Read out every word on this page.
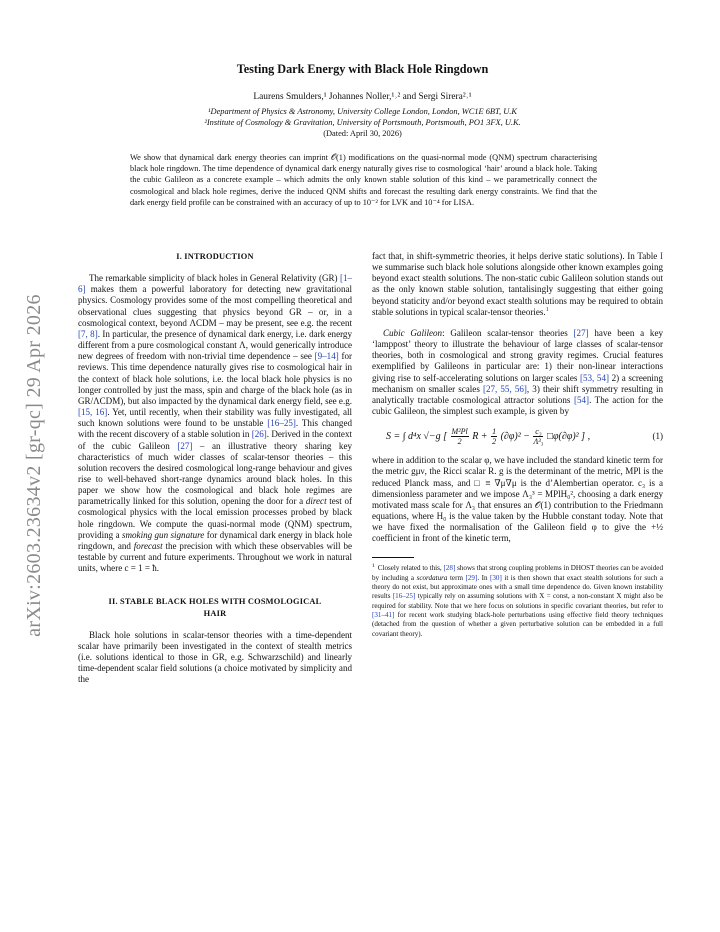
arXiv:2603.23634v2 [gr-qc] 29 Apr 2026
Testing Dark Energy with Black Hole Ringdown
Laurens Smulders,¹ Johannes Noller,¹˒² and Sergi Sirera²˒¹
¹Department of Physics & Astronomy, University College London, London, WC1E 6BT, U.K
²Institute of Cosmology & Gravitation, University of Portsmouth, Portsmouth, PO1 3FX, U.K.
(Dated: April 30, 2026)
We show that dynamical dark energy theories can imprint 𝒪(1) modifications on the quasi-normal mode (QNM) spectrum characterising black hole ringdown. The time dependence of dynamical dark energy naturally gives rise to cosmological ‘hair’ around a black hole. Taking the cubic Galileon as a concrete example – which admits the only known stable solution of this kind – we parametrically connect the cosmological and black hole regimes, derive the induced QNM shifts and forecast the resulting dark energy constraints. We find that the dark energy field profile can be constrained with an accuracy of up to 10⁻² for LVK and 10⁻⁴ for LISA.
I. INTRODUCTION

The remarkable simplicity of black holes in General Relativity (GR) [1–6] makes them a powerful laboratory for detecting new gravitational physics. Cosmology provides some of the most compelling theoretical and observational clues suggesting that physics beyond GR – or, in a cosmological context, beyond ΛCDM – may be present, see e.g. the recent [7, 8]. In particular, the presence of dynamical dark energy, i.e. dark energy different from a pure cosmological constant Λ, would generically introduce new degrees of freedom with non-trivial time dependence – see [9–14] for reviews. This time dependence naturally gives rise to cosmological hair in the context of black hole solutions, i.e. the local black hole physics is no longer controlled by just the mass, spin and charge of the black hole (as in GR/ΛCDM), but also impacted by the dynamical dark energy field, see e.g. [15, 16]. Yet, until recently, when their stability was fully investigated, all such known solutions were found to be unstable [16–25]. This changed with the recent discovery of a stable solution in [26]. Derived in the context of the cubic Galileon [27] – an illustrative theory sharing key characteristics of much wider classes of scalar-tensor theories – this solution recovers the desired cosmological long-range behaviour and gives rise to well-behaved short-range dynamics around black holes. In this paper we show how the cosmological and black hole regimes are parametrically linked for this solution, opening the door for a direct test of cosmological physics with the local emission processes probed by black hole ringdown. We compute the quasi-normal mode (QNM) spectrum, providing a smoking gun signature for dynamical dark energy in black hole ringdown, and forecast the precision with which these observables will be testable by current and future experiments. Throughout we work in natural units, where c = 1 = ħ.

II. STABLE BLACK HOLES WITH COSMOLOGICAL
HAIR

Black hole solutions in scalar-tensor theories with a time-dependent scalar have primarily been investigated in the context of stealth metrics (i.e. solutions identical to those in GR, e.g. Schwarzschild) and linearly time-dependent scalar field solutions (a choice motivated by simplicity and the

fact that, in shift-symmetric theories, it helps derive static solutions). In Table I we summarise such black hole solutions alongside other known examples going beyond exact stealth solutions. The non-static cubic Galileon solution stands out as the only known stable solution, tantalisingly suggesting that either going beyond staticity and/or beyond exact stealth solutions may be required to obtain stable solutions in typical scalar-tensor theories.$^1$

Cubic Galileon: Galileon scalar-tensor theories [27] have been a key ‘lamppost’ theory to illustrate the behaviour of large classes of scalar-tensor theories, both in cosmological and strong gravity regimes. Crucial features exemplified by Galileons in particular are: 1) their non-linear interactions giving rise to self-accelerating solutions on larger scales [53, 54] 2) a screening mechanism on smaller scales [27, 55, 56], 3) their shift symmetry resulting in analytically tractable cosmological attractor solutions [54]. The action for the cubic Galileon, the simplest such example, is given by

S = ∫ d⁴x √−g [ $\frac{\text{M²Pl}}{2}$ $R + \frac{1}{2} (\partial\varphi)^2 - \frac{\text{c₃}}{\text{Λ³₃}}$ □φ(∂φ)² ] ,	(1)

where in addition to the scalar φ, we have included the standard kinetic term for the metric gμν, the Ricci scalar R. g is the determinant of the metric, MPl is the reduced Planck mass, and □ ≡ ∇μ∇μ is the d’Alembertian operator. c₃ is a dimensionless parameter and we impose Λ₃³ = MPlH₀², choosing a dark energy motivated mass scale for Λ₃ that ensures an 𝒪(1) contribution to the Friedmann equations, where H₀ is the value taken by the Hubble constant today. Note that we have fixed the normalisation of the Galileon field φ to give the +½ coefficient in front of the kinetic term,

$^1$ Closely related to this, [28] shows that strong coupling problems in DHOST theories can be avoided by including a scordatura term [29]. In [30] it is then shown that exact stealth solutions for such a theory do not exist, but approximate ones with a small time dependence do. Given known instability results [16–25] typically rely on assuming solutions with X = const, a non-constant X might also be required for stability. Note that we here focus on solutions in specific covariant theories, but refer to [31–41] for recent work studying black-hole perturbations using effective field theory techniques (detached from the question of whether a given perturbative solution can be embedded in a full covariant theory).
